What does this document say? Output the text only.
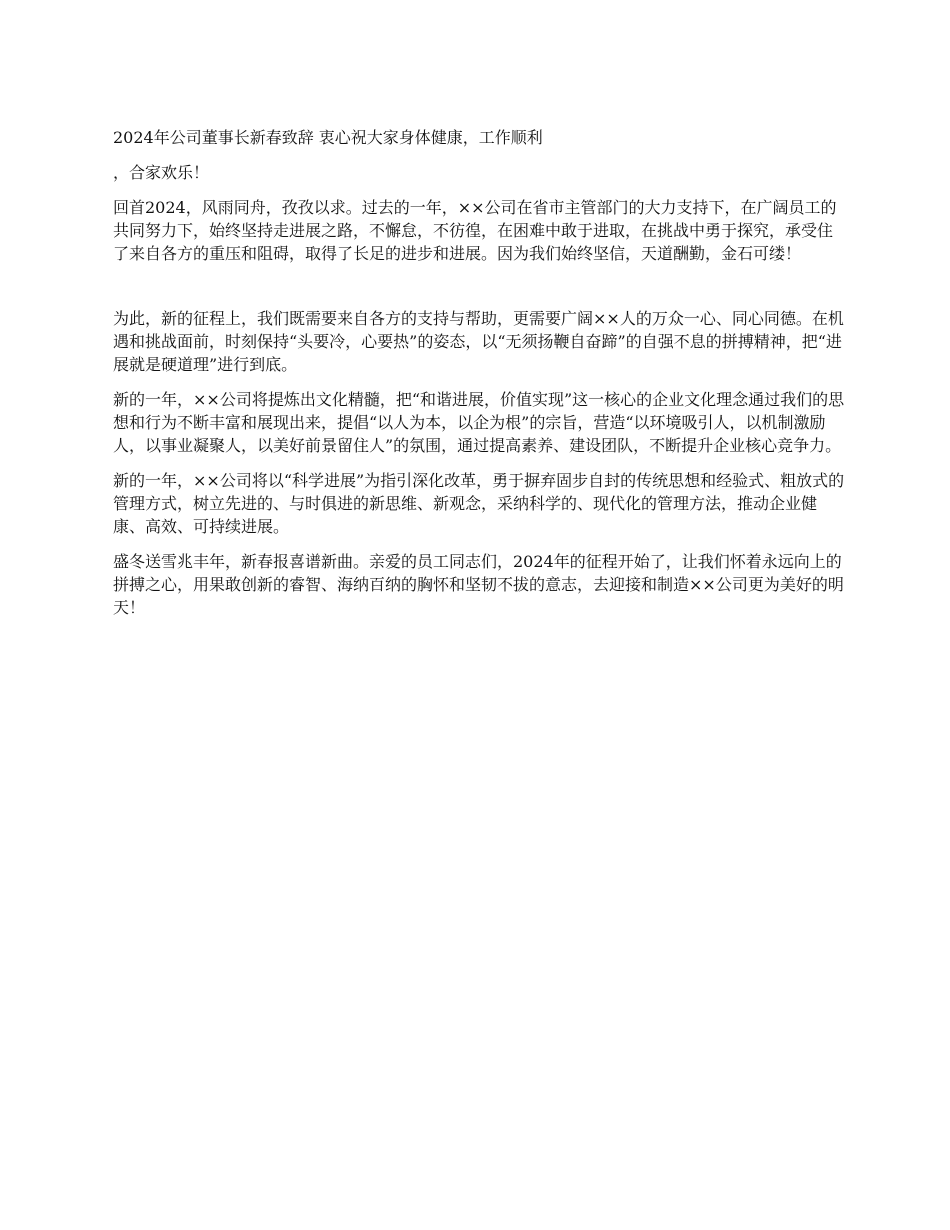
2024年公司董事长新春致辞 衷心祝大家身体健康，工作顺利

，合家欢乐！

回首2024，风雨同舟，孜孜以求。过去的一年，××公司在省市主管部门的大力支持下，在广阔员工的共同努力下，始终坚持走进展之路，不懈怠，不彷徨，在困难中敢于进取，在挑战中勇于探究，承受住了来自各方的重压和阻碍，取得了长足的进步和进展。因为我们始终坚信，天道酬勤，金石可缕！

为此，新的征程上，我们既需要来自各方的支持与帮助，更需要广阔××人的万众一心、同心同德。在机遇和挑战面前，时刻保持“头要冷，心要热”的姿态，以“无须扬鞭自奋蹄”的自强不息的拼搏精神，把“进展就是硬道理”进行到底。

新的一年，××公司将提炼出文化精髓，把“和谐进展，价值实现”这一核心的企业文化理念通过我们的思想和行为不断丰富和展现出来，提倡“以人为本，以企为根”的宗旨，营造“以环境吸引人，以机制激励人，以事业凝聚人，以美好前景留住人”的氛围，通过提高素养、建设团队，不断提升企业核心竞争力。

新的一年，××公司将以“科学进展”为指引深化改革，勇于摒弃固步自封的传统思想和经验式、粗放式的管理方式，树立先进的、与时俱进的新思维、新观念，采纳科学的、现代化的管理方法，推动企业健康、高效、可持续进展。

盛冬送雪兆丰年，新春报喜谱新曲。亲爱的员工同志们，2024年的征程开始了，让我们怀着永远向上的拼搏之心，用果敢创新的睿智、海纳百纳的胸怀和坚韧不拔的意志，去迎接和制造××公司更为美好的明天！
